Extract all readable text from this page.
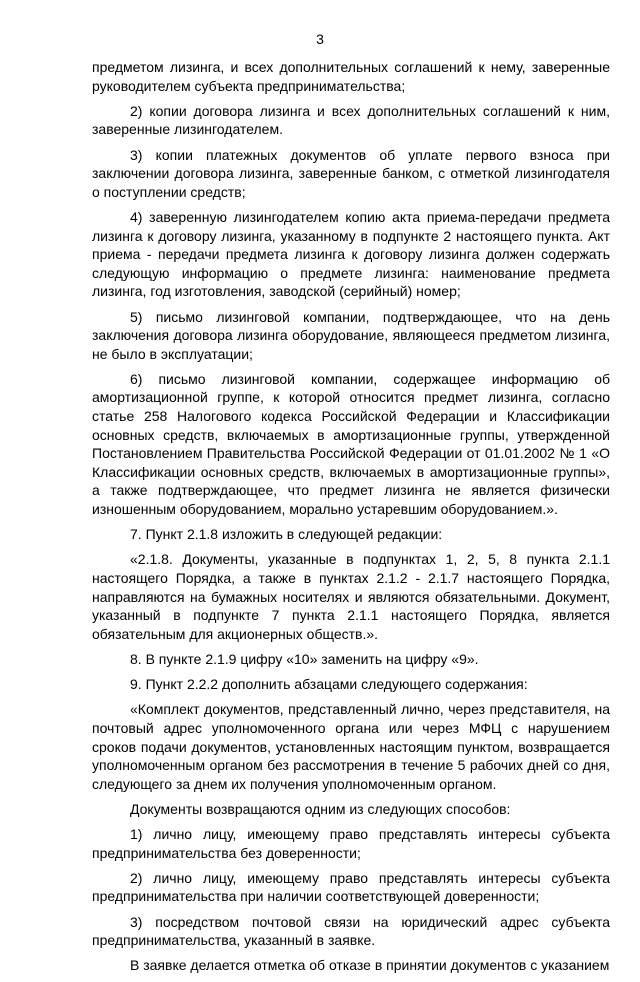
3

предметом лизинга, и всех дополнительных соглашений к нему, заверенные руководителем субъекта предпринимательства;

2) копии договора лизинга и всех дополнительных соглашений к ним, заверенные лизингодателем.

3) копии платежных документов об уплате первого взноса при заключении договора лизинга, заверенные банком, с отметкой лизингодателя о поступлении средств;

4) заверенную лизингодателем копию акта приема-передачи предмета лизинга к договору лизинга, указанному в подпункте 2 настоящего пункта. Акт приема - передачи предмета лизинга к договору лизинга должен содержать следующую информацию о предмете лизинга: наименование предмета лизинга, год изготовления, заводской (серийный) номер;

5) письмо лизинговой компании, подтверждающее, что на день заключения договора лизинга оборудование, являющееся предметом лизинга, не было в эксплуатации;

6) письмо лизинговой компании, содержащее информацию об амортизационной группе, к которой относится предмет лизинга, согласно статье 258 Налогового кодекса Российской Федерации и Классификации основных средств, включаемых в амортизационные группы, утвержденной Постановлением Правительства Российской Федерации от 01.01.2002 № 1 «О Классификации основных средств, включаемых в амортизационные группы», а также подтверждающее, что предмет лизинга не является физически изношенным оборудованием, морально устаревшим оборудованием.».

7. Пункт 2.1.8 изложить в следующей редакции:

«2.1.8. Документы, указанные в подпунктах 1, 2, 5, 8 пункта 2.1.1 настоящего Порядка, а также в пунктах 2.1.2 - 2.1.7 настоящего Порядка, направляются на бумажных носителях и являются обязательными. Документ, указанный в подпункте 7 пункта 2.1.1 настоящего Порядка, является обязательным для акционерных обществ.».

8. В пункте 2.1.9 цифру «10» заменить на цифру «9».

9. Пункт 2.2.2 дополнить абзацами следующего содержания:

«Комплект документов, представленный лично, через представителя, на почтовый адрес уполномоченного органа или через МФЦ с нарушением сроков подачи документов, установленных настоящим пунктом, возвращается уполномоченным органом без рассмотрения в течение 5 рабочих дней со дня, следующего за днем их получения уполномоченным органом.

Документы возвращаются одним из следующих способов:

1) лично лицу, имеющему право представлять интересы субъекта предпринимательства без доверенности;

2) лично лицу, имеющему право представлять интересы субъекта предпринимательства при наличии соответствующей доверенности;

3) посредством почтовой связи на юридический адрес субъекта предпринимательства, указанный в заявке.

В заявке делается отметка об отказе в принятии документов с указанием
